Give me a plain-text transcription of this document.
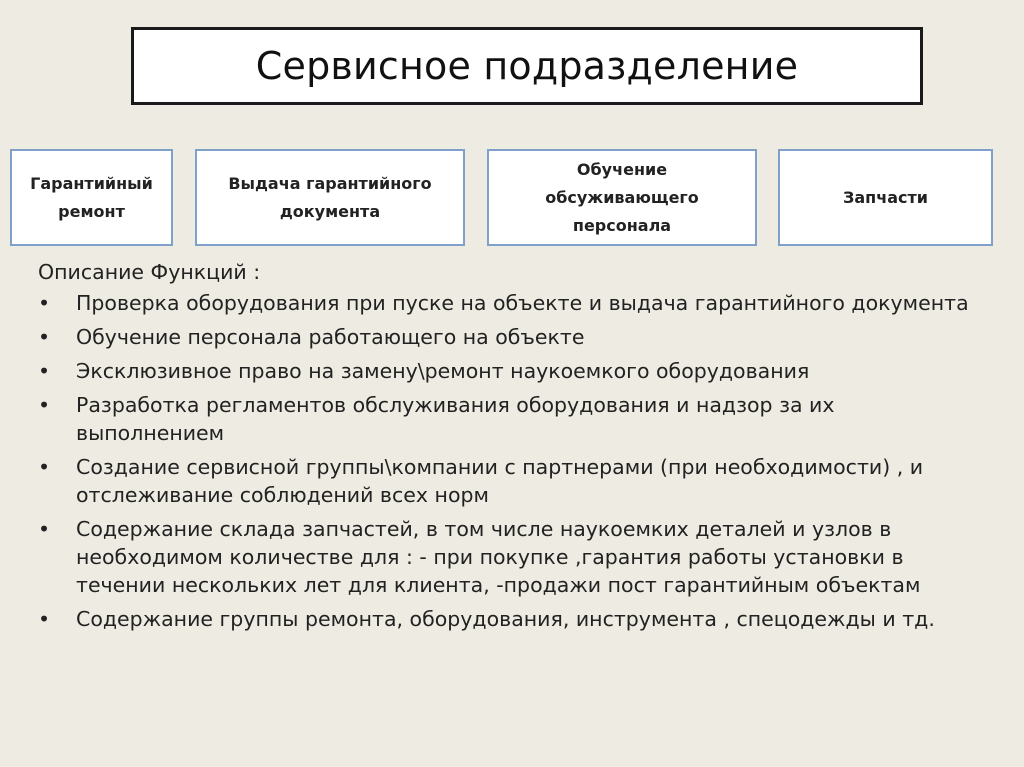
Сервисное подразделение
Гарантийный
ремонт
Выдача гарантийного
документа
Обучение
обсуживающего
персонала
Запчасти
Описание Функций :
• Проверка оборудования при пуске на объекте и выдача гарантийного документа
• Обучение персонала работающего на объекте
• Эксклюзивное право на замену\ремонт наукоемкого оборудования
• Разработка регламентов обслуживания оборудования и надзор за их выполнением
• Создание сервисной группы\компании с партнерами (при необходимости) , и отслеживание соблюдений всех норм
• Содержание склада запчастей, в том числе наукоемких деталей и узлов в необходимом количестве для : - при покупке ,гарантия работы установки в течении нескольких лет для клиента, -продажи пост гарантийным объектам
• Содержание группы ремонта, оборудования, инструмента , спецодежды и тд.
